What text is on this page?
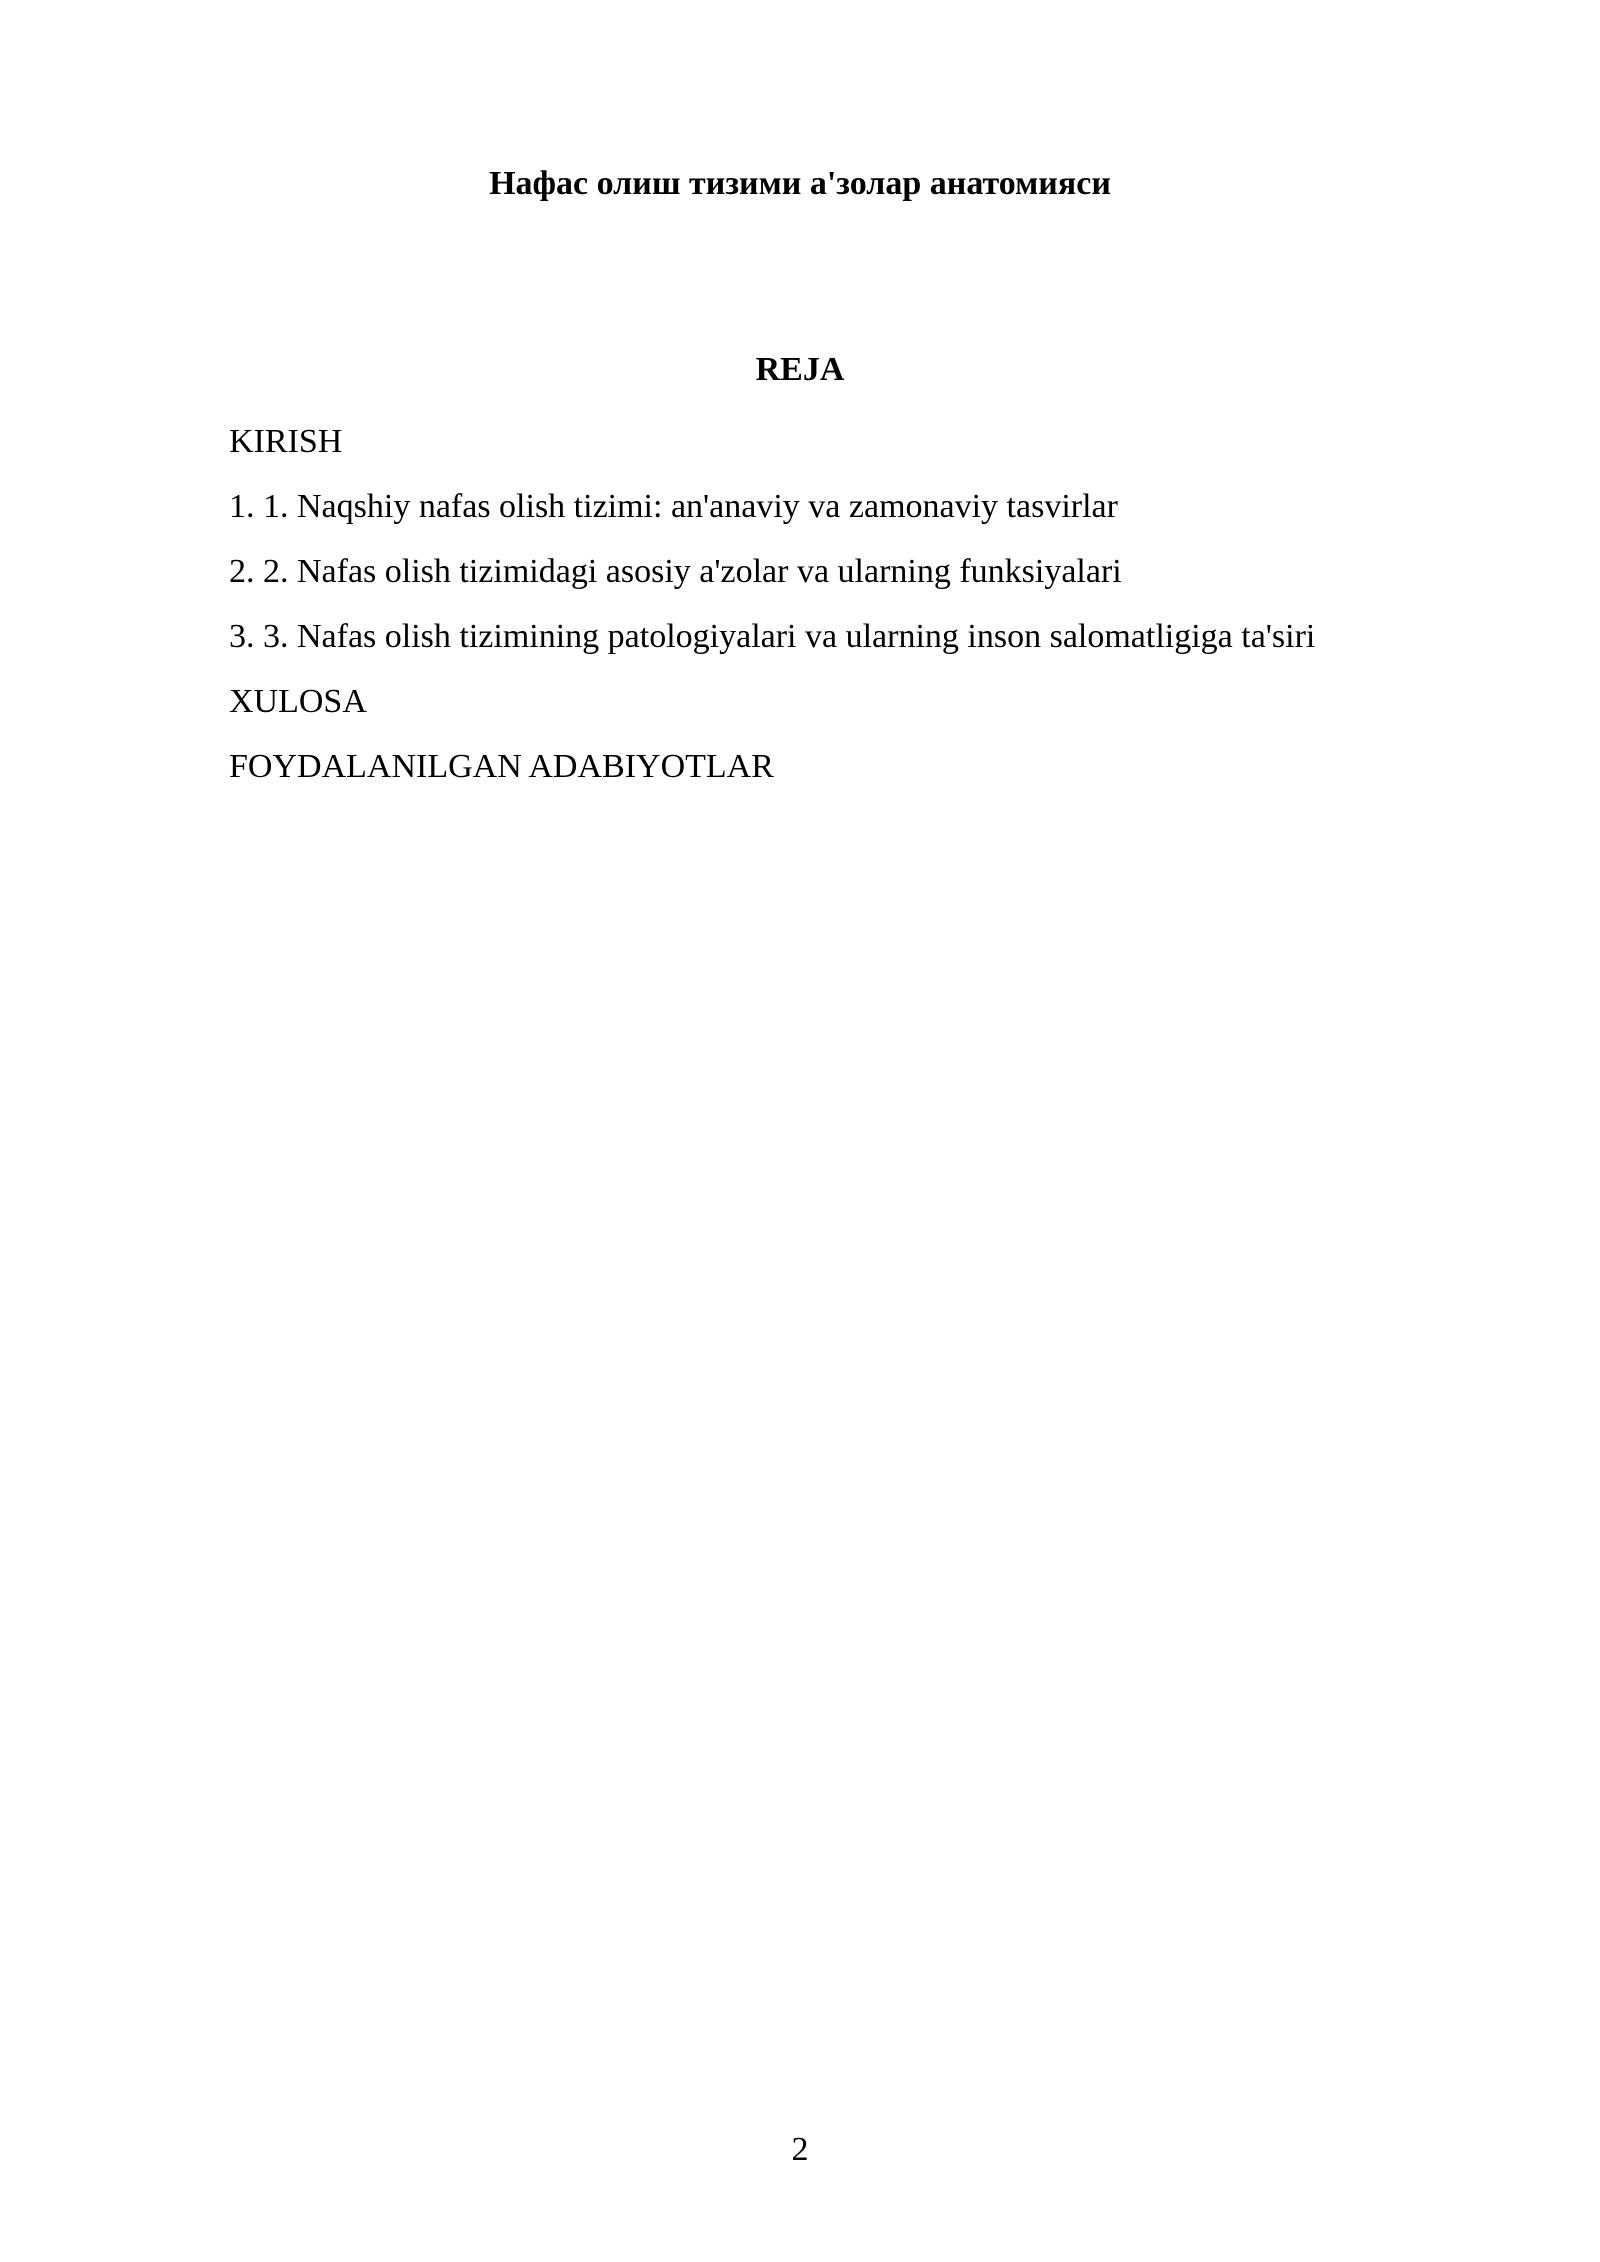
Нафас олиш тизими а'золар анатомияси
REJA
KIRISH
1. 1. Naqshiy nafas olish tizimi: an'anaviy va zamonaviy tasvirlar
2. 2. Nafas olish tizimidagi asosiy a'zolar va ularning funksiyalari
3. 3. Nafas olish tizimining patologiyalari va ularning inson salomatligiga ta'siri
XULOSA
FOYDALANILGAN ADABIYOTLAR
2
